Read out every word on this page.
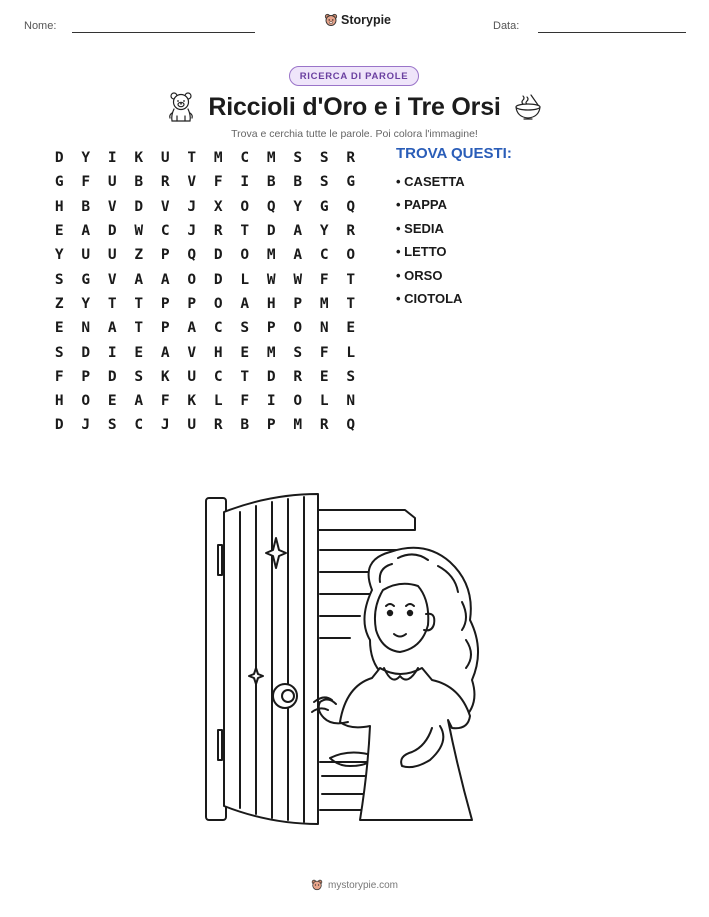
Nome:	Storypie	Data:
RICERCA DI PAROLE
Riccioli d'Oro e i Tre Orsi
Trova e cerchia tutte le parole. Poi colora l'immagine!
D	Y	I	K	U	T	M	C	M	S	S	R
G	F	U	B	R	V	F	I	B	B	S	G
H	B	V	D	V	J	X	O	Q	Y	G	Q
E	A	D	W	C	J	R	T	D	A	Y	R
Y	U	U	Z	P	Q	D	O	M	A	C	O
S	G	V	A	A	O	D	L	W	W	F	T
Z	Y	T	T	P	P	O	A	H	P	M	T
E	N	A	T	P	A	C	S	P	O	N	E
S	D	I	E	A	V	H	E	M	S	F	L
F	P	D	S	K	U	C	T	D	R	E	S
H	O	E	A	F	K	L	F	I	O	L	N
D	J	S	C	J	U	R	B	P	M	R	Q
TROVA QUESTI:
• CASETTA
• PAPPA
• SEDIA
• LETTO
• ORSO
• CIOTOLA
mystorypie.com
